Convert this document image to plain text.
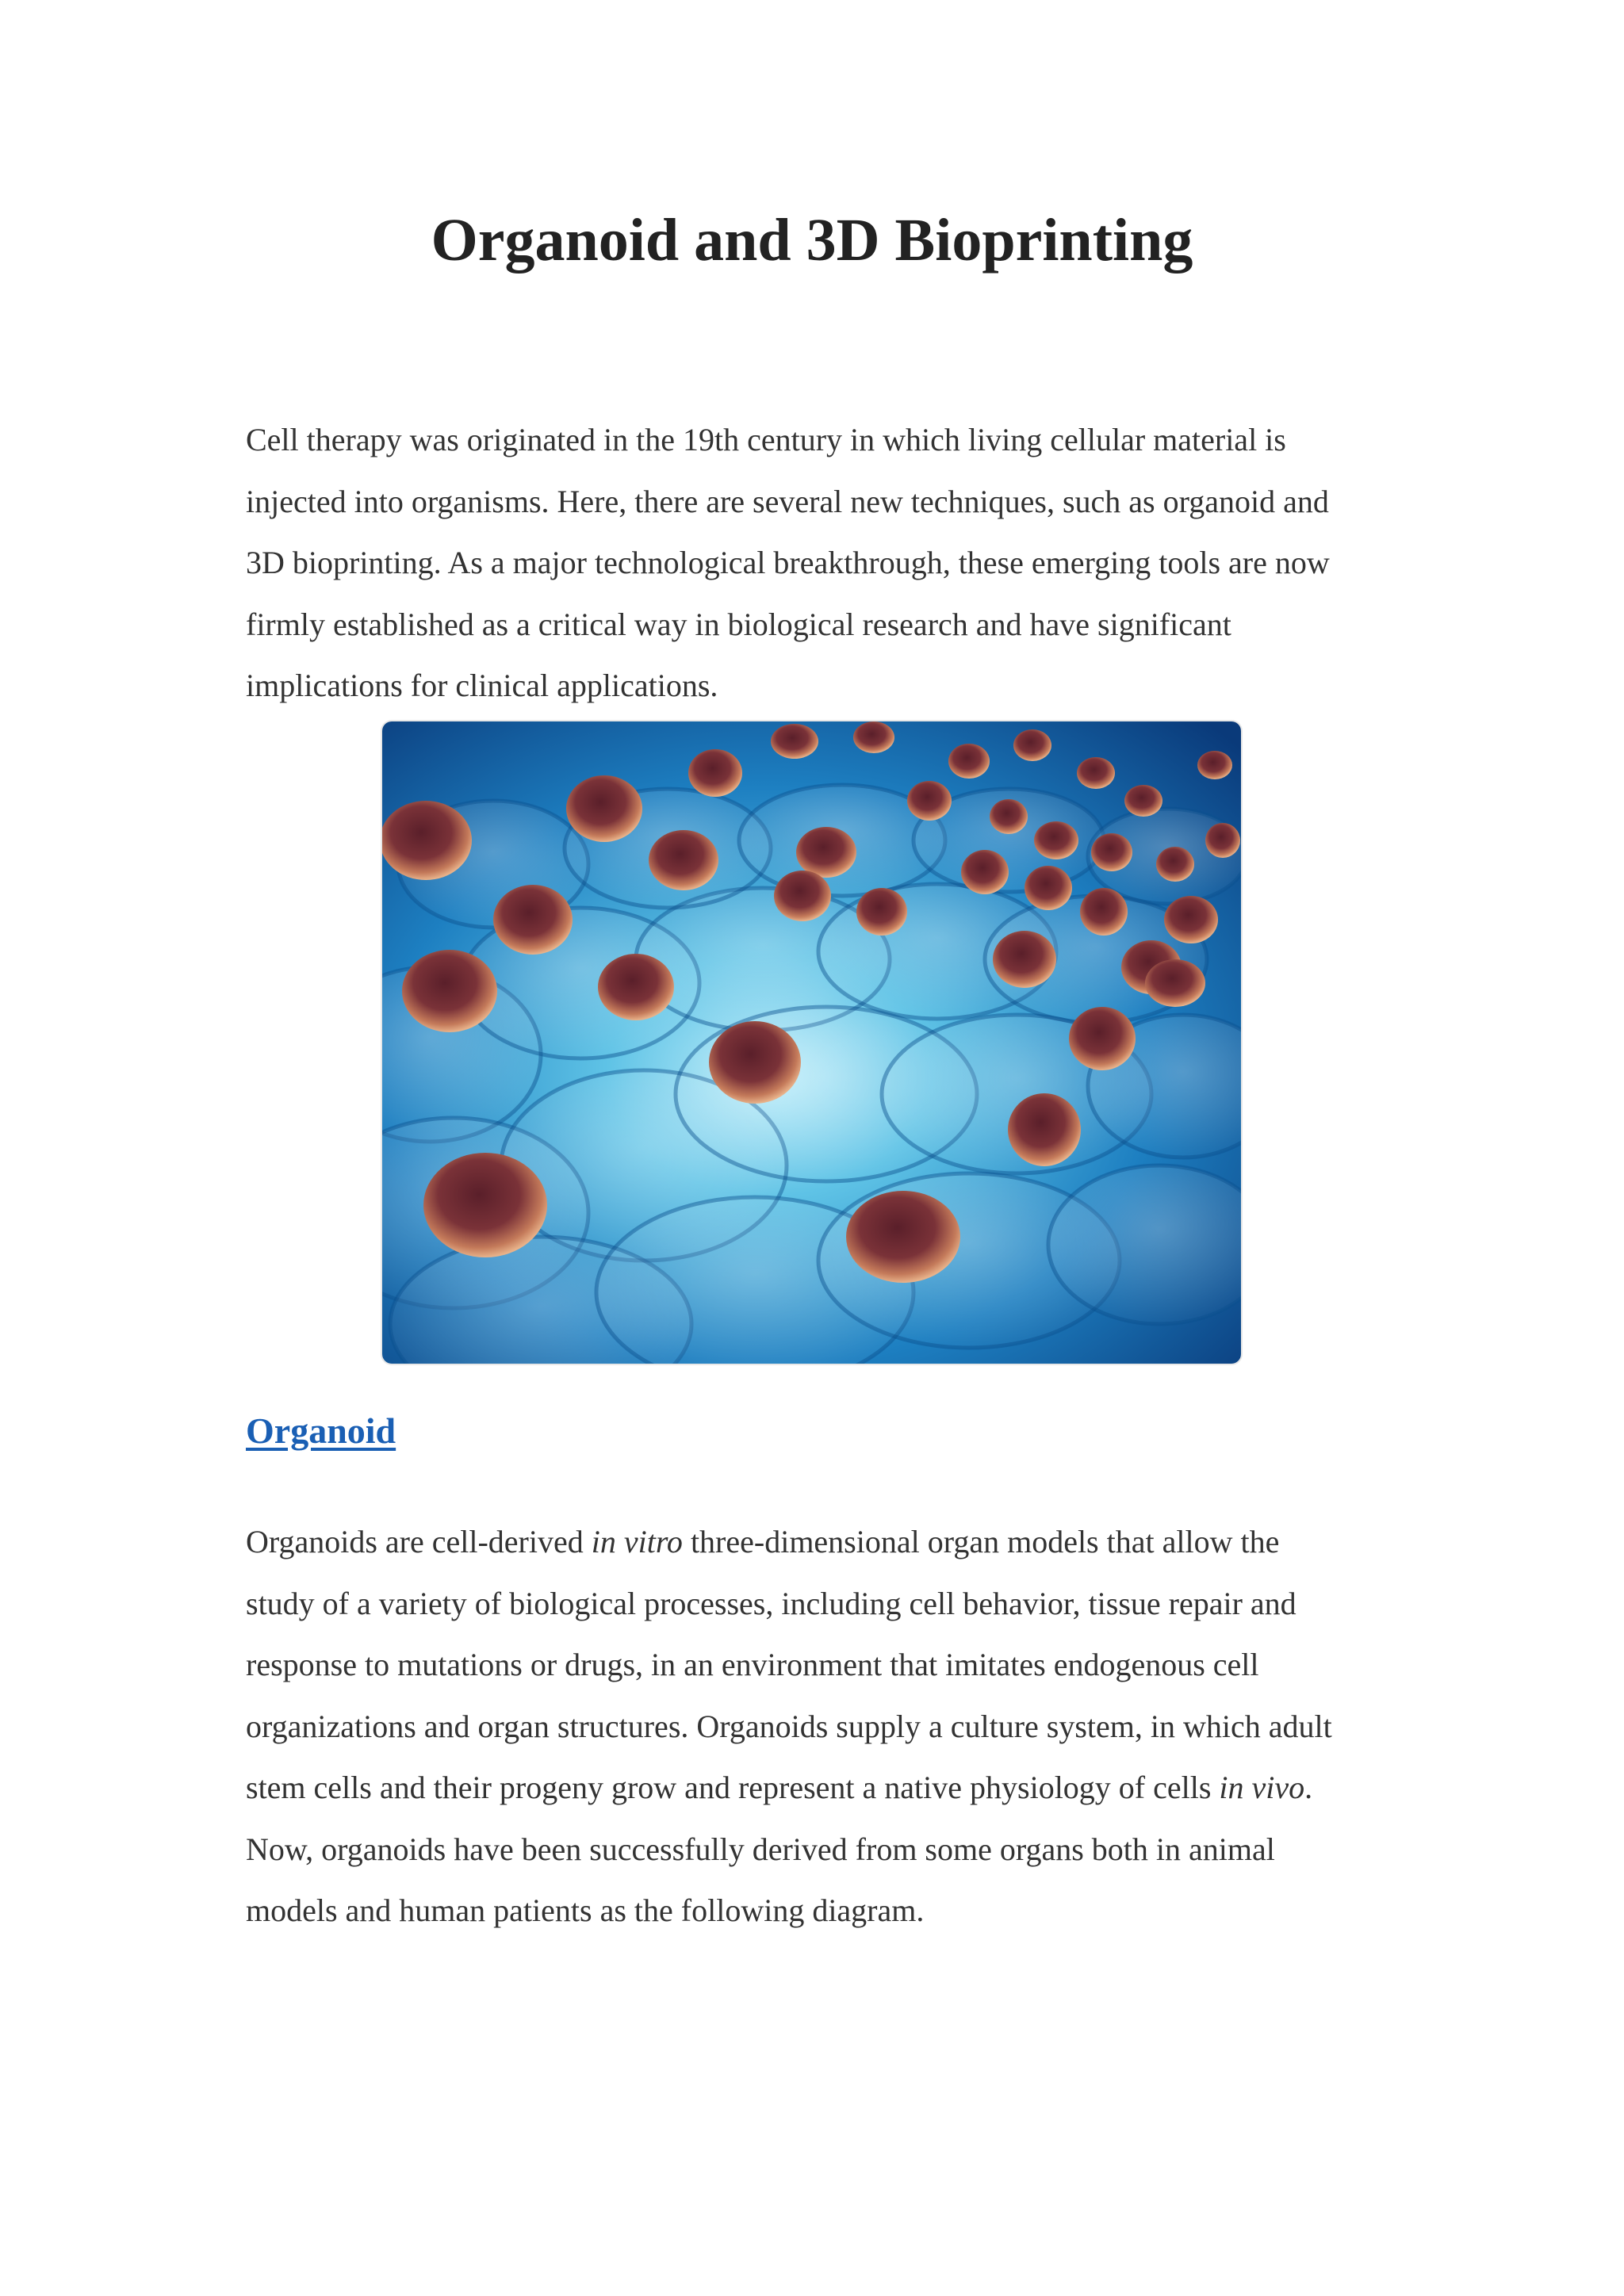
Organoid and 3D Bioprinting

Cell therapy was originated in the 19th century in which living cellular material is
injected into organisms. Here, there are several new techniques, such as organoid and
3D bioprinting. As a major technological breakthrough, these emerging tools are now
firmly established as a critical way in biological research and have significant
implications for clinical applications.

Organoid

Organoids are cell-derived in vitro three-dimensional organ models that allow the
study of a variety of biological processes, including cell behavior, tissue repair and
response to mutations or drugs, in an environment that imitates endogenous cell
organizations and organ structures. Organoids supply a culture system, in which adult
stem cells and their progeny grow and represent a native physiology of cells in vivo.
Now, organoids have been successfully derived from some organs both in animal
models and human patients as the following diagram.
